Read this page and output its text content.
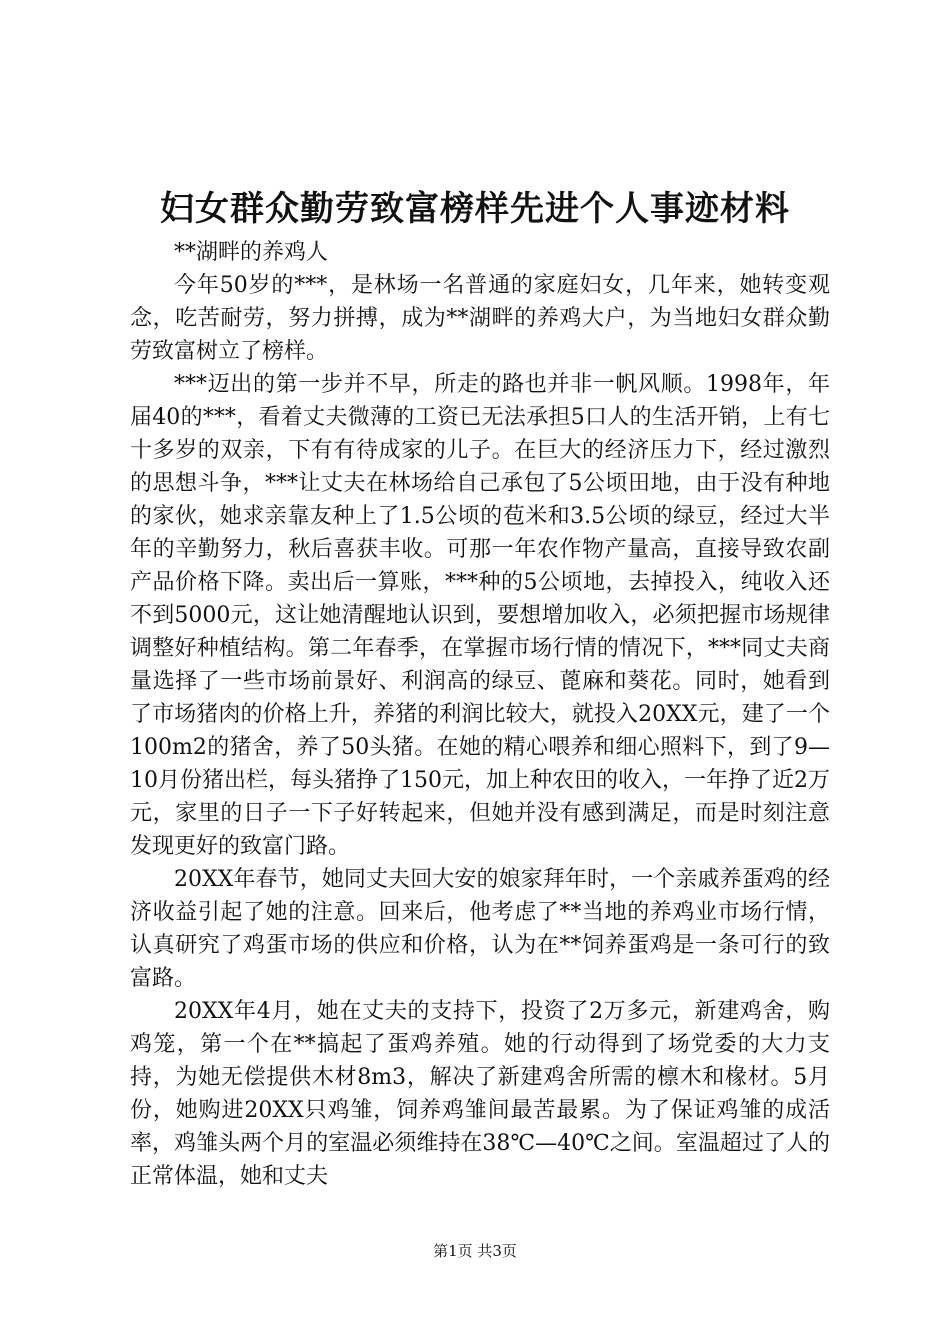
妇女群众勤劳致富榜样先进个人事迹材料

**湖畔的养鸡人

今年50岁的***，是林场一名普通的家庭妇女，几年来，她转变观念，吃苦耐劳，努力拼搏，成为**湖畔的养鸡大户，为当地妇女群众勤劳致富树立了榜样。

***迈出的第一步并不早，所走的路也并非一帆风顺。1998年，年届40的***，看着丈夫微薄的工资已无法承担5口人的生活开销，上有七十多岁的双亲，下有有待成家的儿子。在巨大的经济压力下，经过激烈的思想斗争，***让丈夫在林场给自己承包了5公顷田地，由于没有种地的家伙，她求亲靠友种上了1.5公顷的苞米和3.5公顷的绿豆，经过大半年的辛勤努力，秋后喜获丰收。可那一年农作物产量高，直接导致农副产品价格下降。卖出后一算账，***种的5公顷地，去掉投入，纯收入还不到5000元，这让她清醒地认识到，要想增加收入，必须把握市场规律调整好种植结构。第二年春季，在掌握市场行情的情况下，***同丈夫商量选择了一些市场前景好、利润高的绿豆、蓖麻和葵花。同时，她看到了市场猪肉的价格上升，养猪的利润比较大，就投入20XX元，建了一个100m2的猪舍，养了50头猪。在她的精心喂养和细心照料下，到了9—10月份猪出栏，每头猪挣了150元，加上种农田的收入，一年挣了近2万元，家里的日子一下子好转起来，但她并没有感到满足，而是时刻注意发现更好的致富门路。

20XX年春节，她同丈夫回大安的娘家拜年时，一个亲戚养蛋鸡的经济收益引起了她的注意。回来后，他考虑了**当地的养鸡业市场行情，认真研究了鸡蛋市场的供应和价格，认为在**饲养蛋鸡是一条可行的致富路。

20XX年4月，她在丈夫的支持下，投资了2万多元，新建鸡舍，购鸡笼，第一个在**搞起了蛋鸡养殖。她的行动得到了场党委的大力支持，为她无偿提供木材8m3，解决了新建鸡舍所需的檩木和椽材。5月份，她购进20XX只鸡雏，饲养鸡雏间最苦最累。为了保证鸡雏的成活率，鸡雏头两个月的室温必须维持在38℃—40℃之间。室温超过了人的正常体温，她和丈夫

第1页 共3页
